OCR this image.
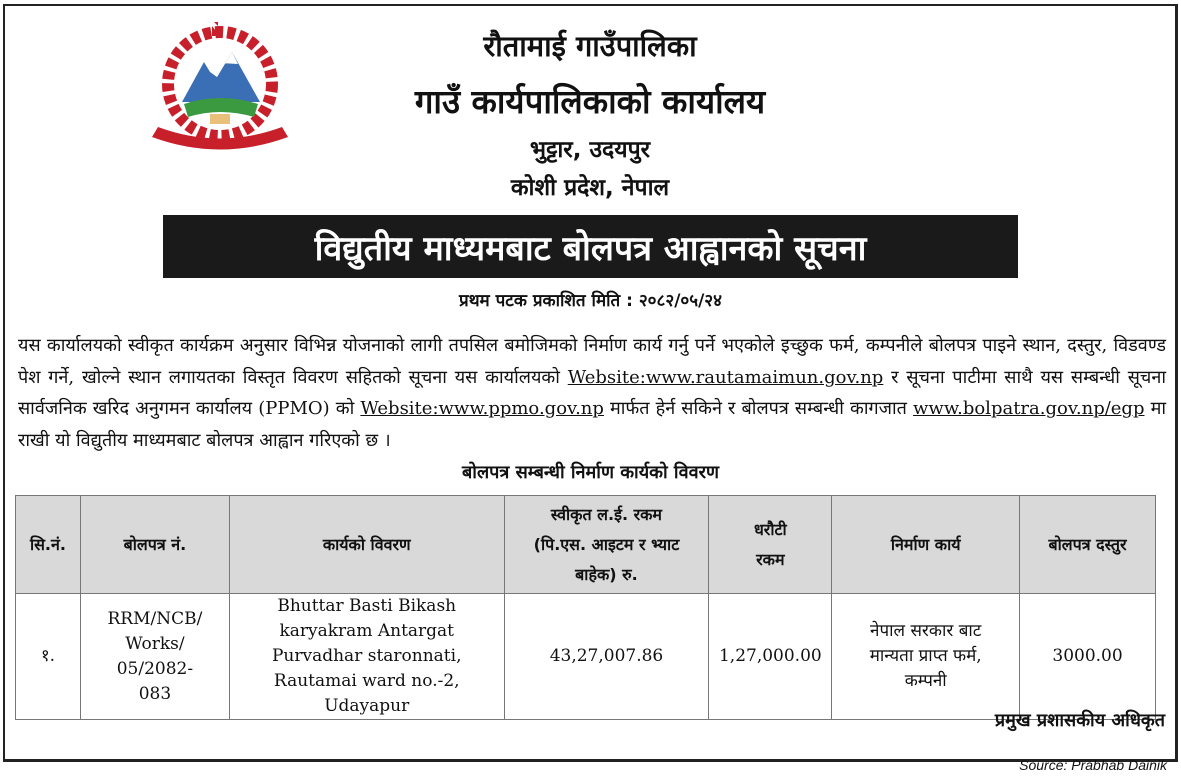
रौतामाई गाउँपालिका
गाउँ कार्यपालिकाको कार्यालय
भुट्टार, उदयपुर
कोशी प्रदेश, नेपाल
विद्युतीय माध्यमबाट बोलपत्र आह्वानको सूचना
प्रथम पटक प्रकाशित मिति : २०८२/०५/२४
यस कार्यालयको स्वीकृत कार्यक्रम अनुसार विभिन्न योजनाको लागी तपसिल बमोजिमको निर्माण कार्य गर्नु पर्ने भएकोले इच्छुक फर्म, कम्पनीले बोलपत्र पाइने स्थान, दस्तुर, विडवण्ड पेश गर्ने, खोल्ने स्थान लगायतका विस्तृत विवरण सहितको सूचना यस कार्यालयको Website:www.rautamaimun.gov.np र सूचना पाटीमा साथै यस सम्बन्धी सूचना सार्वजनिक खरिद अनुगमन कार्यालय (PPMO) को Website:www.ppmo.gov.np मार्फत हेर्न सकिने र बोलपत्र सम्बन्धी कागजात www.bolpatra.gov.np/egp मा राखी यो विद्युतीय माध्यमबाट बोलपत्र आह्वान गरिएको छ ।
बोलपत्र सम्बन्धी निर्माण कार्यको विवरण
सि.नं.	बोलपत्र नं.	कार्यको विवरण	स्वीकृत ल.ई. रकम (पि.एस. आइटम र भ्याट बाहेक) रु.	धरौटी रकम	निर्माण कार्य	बोलपत्र दस्तुर
१.	RRM/NCB/ Works/ 05/2082-083	Bhuttar Basti Bikash karyakram Antargat Purvadhar staronnati, Rautamai ward no.-2, Udayapur	43,27,007.86	1,27,000.00	नेपाल सरकार बाट मान्यता प्राप्त फर्म, कम्पनी	3000.00
प्रमुख प्रशासकीय अधिकृत
Source: Prabhab Dainik
